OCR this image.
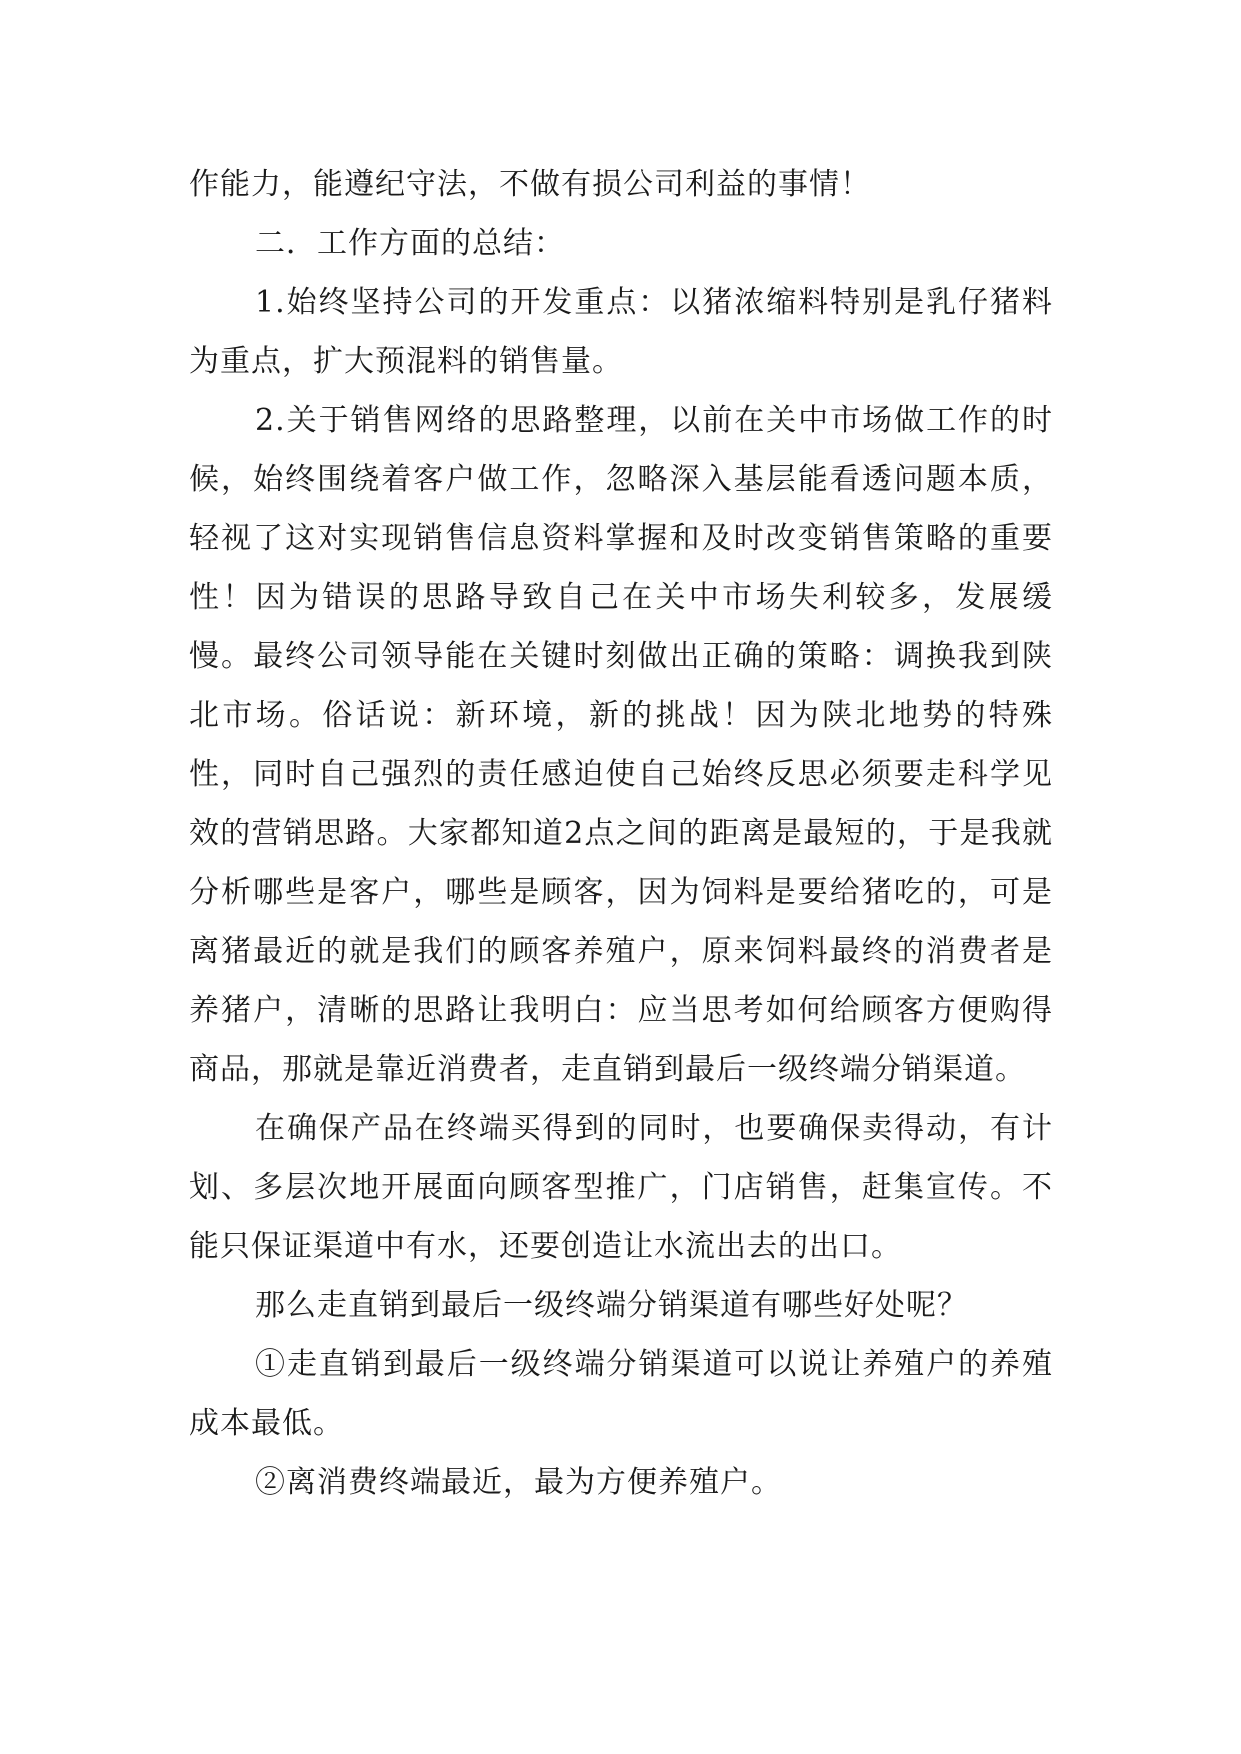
作能力，能遵纪守法，不做有损公司利益的事情！

二．工作方面的总结：

1.始终坚持公司的开发重点：以猪浓缩料特别是乳仔猪料为重点，扩大预混料的销售量。

2.关于销售网络的思路整理，以前在关中市场做工作的时候，始终围绕着客户做工作，忽略深入基层能看透问题本质，轻视了这对实现销售信息资料掌握和及时改变销售策略的重要性！因为错误的思路导致自己在关中市场失利较多，发展缓慢。最终公司领导能在关键时刻做出正确的策略：调换我到陕北市场。俗话说：新环境，新的挑战！因为陕北地势的特殊性，同时自己强烈的责任感迫使自己始终反思必须要走科学见效的营销思路。大家都知道2点之间的距离是最短的，于是我就分析哪些是客户，哪些是顾客，因为饲料是要给猪吃的，可是离猪最近的就是我们的顾客养殖户，原来饲料最终的消费者是养猪户，清晰的思路让我明白：应当思考如何给顾客方便购得商品，那就是靠近消费者，走直销到最后一级终端分销渠道。

在确保产品在终端买得到的同时，也要确保卖得动，有计划、多层次地开展面向顾客型推广，门店销售，赶集宣传。不能只保证渠道中有水，还要创造让水流出去的出口。

那么走直销到最后一级终端分销渠道有哪些好处呢？

①走直销到最后一级终端分销渠道可以说让养殖户的养殖成本最低。

②离消费终端最近，最为方便养殖户。
